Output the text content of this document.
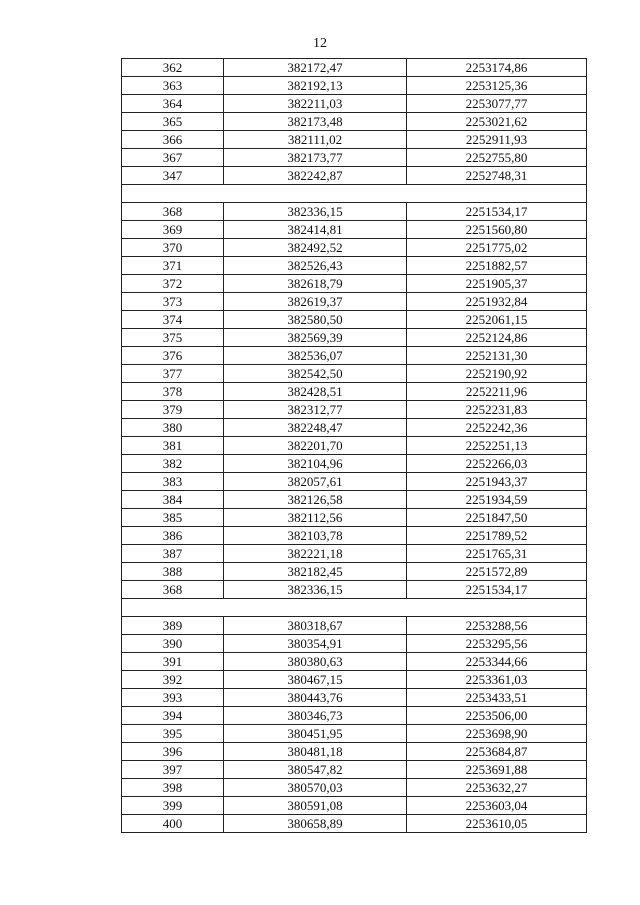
12
362	382172,47	2253174,86
363	382192,13	2253125,36
364	382211,03	2253077,77
365	382173,48	2253021,62
366	382111,02	2252911,93
367	382173,77	2252755,80
347	382242,87	2252748,31

368	382336,15	2251534,17
369	382414,81	2251560,80
370	382492,52	2251775,02
371	382526,43	2251882,57
372	382618,79	2251905,37
373	382619,37	2251932,84
374	382580,50	2252061,15
375	382569,39	2252124,86
376	382536,07	2252131,30
377	382542,50	2252190,92
378	382428,51	2252211,96
379	382312,77	2252231,83
380	382248,47	2252242,36
381	382201,70	2252251,13
382	382104,96	2252266,03
383	382057,61	2251943,37
384	382126,58	2251934,59
385	382112,56	2251847,50
386	382103,78	2251789,52
387	382221,18	2251765,31
388	382182,45	2251572,89
368	382336,15	2251534,17

389	380318,67	2253288,56
390	380354,91	2253295,56
391	380380,63	2253344,66
392	380467,15	2253361,03
393	380443,76	2253433,51
394	380346,73	2253506,00
395	380451,95	2253698,90
396	380481,18	2253684,87
397	380547,82	2253691,88
398	380570,03	2253632,27
399	380591,08	2253603,04
400	380658,89	2253610,05
